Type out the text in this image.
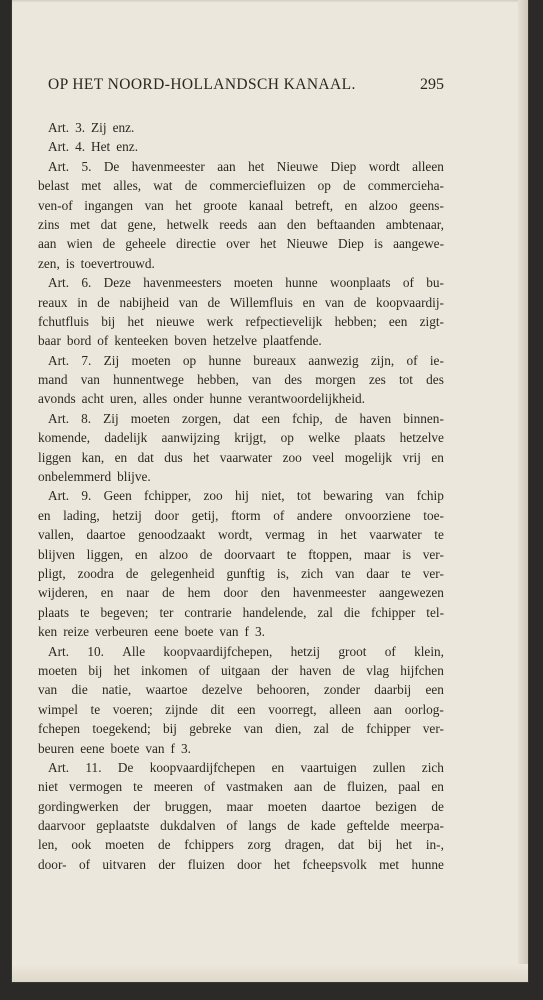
OP HET NOORD-HOLLANDSCH KANAAL.	295
Art. 3. Zij enz.
Art. 4. Het enz.
Art. 5. De havenmeester aan het Nieuwe Diep wordt alleen
belast met alles, wat de commerciefluizen op de commercieha-
ven-of ingangen van het groote kanaal betreft, en alzoo geens-
zins met dat gene, hetwelk reeds aan den beftaanden ambtenaar,
aan wien de geheele directie over het Nieuwe Diep is aangewe-
zen, is toevertrouwd.
Art. 6. Deze havenmeesters moeten hunne woonplaats of bu-
reaux in de nabijheid van de Willemfluis en van de koopvaardij-
fchutfluis bij het nieuwe werk refpectievelijk hebben; een zigt-
baar bord of kenteeken boven hetzelve plaatfende.
Art. 7. Zij moeten op hunne bureaux aanwezig zijn, of ie-
mand van hunnentwege hebben, van des morgen zes tot des
avonds acht uren, alles onder hunne verantwoordelijkheid.
Art. 8. Zij moeten zorgen, dat een fchip, de haven binnen-
komende, dadelijk aanwijzing krijgt, op welke plaats hetzelve
liggen kan, en dat dus het vaarwater zoo veel mogelijk vrij en
onbelemmerd blijve.
Art. 9. Geen fchipper, zoo hij niet, tot bewaring van fchip
en lading, hetzij door getij, ftorm of andere onvoorziene toe-
vallen, daartoe genoodzaakt wordt, vermag in het vaarwater te
blijven liggen, en alzoo de doorvaart te ftoppen, maar is ver-
pligt, zoodra de gelegenheid gunftig is, zich van daar te ver-
wijderen, en naar de hem door den havenmeester aangewezen
plaats te begeven; ter contrarie handelende, zal die fchipper tel-
ken reize verbeuren eene boete van f 3.
Art. 10. Alle koopvaardijfchepen, hetzij groot of klein,
moeten bij het inkomen of uitgaan der haven de vlag hijfchen
van die natie, waartoe dezelve behooren, zonder daarbij een
wimpel te voeren; zijnde dit een voorregt, alleen aan oorlog-
fchepen toegekend; bij gebreke van dien, zal de fchipper ver-
beuren eene boete van f 3.
Art. 11. De koopvaardijfchepen en vaartuigen zullen zich
niet vermogen te meeren of vastmaken aan de fluizen, paal en
gordingwerken der bruggen, maar moeten daartoe bezigen de
daarvoor geplaatste dukdalven of langs de kade geftelde meerpa-
len, ook moeten de fchippers zorg dragen, dat bij het in-,
door- of uitvaren der fluizen door het fcheepsvolk met hunne
